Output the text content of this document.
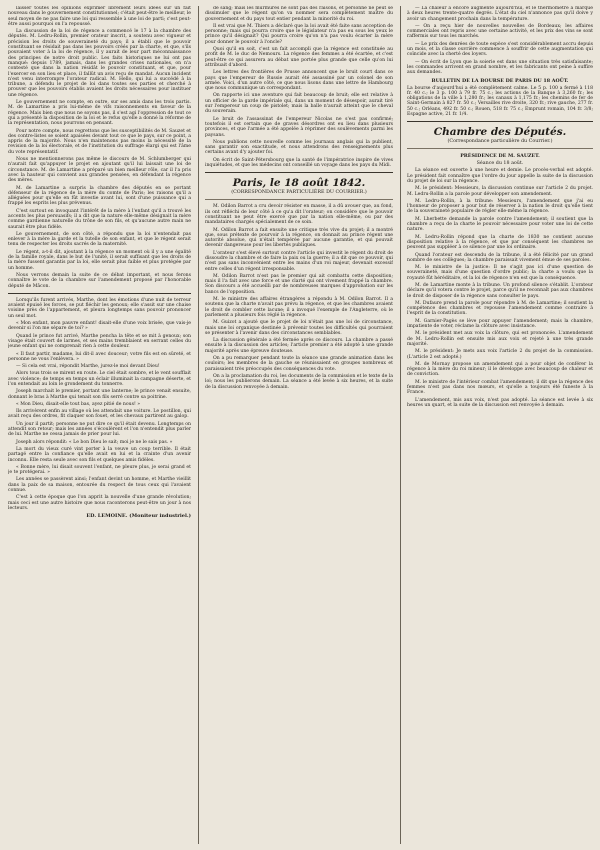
laisser toutes les opinions exprimer librement leurs idées sur un fait nouveau dans le gouvernement constitutionnel; c'était peut-être le meilleur, le seul moyen de ne pas faire une loi qui ressemble à une loi de parti; c'est peut-être aussi pourquoi on l'a repoussé.

La discussion de la loi de régence a commencé le 17 à la chambre des députés. M. Ledru-Rollin, premier orateur inscrit, a soutenu avec vigueur et précision les droits de souveraineté du pays; il a établi que le pouvoir constituant se résidait pas dans les pouvoirs créés par la charte, et que, s'ils pouvaient voter à la loi de régence, il y aurait de leur part méconnaissance des principes de notre droit public. Les faits historiques ne lui ont pas manqué: depuis 1789, jamais, dans les grandes crises nationales, on n'a contesté que dans la nation résidât le pouvoir constituant, et que, pour l'exercer en son lieu et place, il fallût un avis reçu de mandat. Aucun incident n'est venu interrompre l'orateur radical. M. Hello, qui lui a succédé à la tribune, a défendu le projet de loi dans toutes ses parties et cherché à prouver que les pouvoirs établis avaient les droits nécessaires pour instituer une régence.

Le gouvernement ne compte, en outre, sur ses amis dans les trois partis. M. de Lamartine a pris lui-même de vifs raisonnements en faveur de la régence. Mais bien que nous ne soyons pas, il s'est agi l'oppression de tout ce qui a présenté la disposition de la loi et le refus qu'elle a donné la réforme de la représentation, nous pourrons en pensant.

Pour notre compte, nous regrettons que les susceptibilités de M. Sauzet et des contre-listes se soient apaisées devant tout ce que le pays, sur ce point, a appris de la majorité. Nous n'en maintenons pas moins la nécessité de la revision de la loi électorale, et de l'institution du suffrage élargi qui est l'âme du vote représentatif.

Nous ne mentionnerons pas même le discours de M. Schlumberger qui n'aurait fait qu'appuyer le projet en ajoutant qu'il lui laissait une loi de circonstance. M. de Lamartine a préparé un bien meilleur rôle, car il l'a pris avec la hauteur qui convient aux grandes pensées, en défendant la régence des mères.

M. de Lamartine a surpris la chambre des députés en se portant défenseur de la régence de la mère du comte de Paris; les raisons qu'il a alléguées pour qu'elle en fût investie avant lui, sont d'une puissance qui a frappé les esprits les plus prévenus.

C'est surtout en invoquant l'intérêt de la mère à l'enfant qu'il a trouvé les accents les plus persuasifs; il a dit que la nature elle-même désignait la mère comme gardienne naturelle du trône de son fils, et qu'aucune autre main ne saurait être plus fidèle.

Le gouvernement, de son côté, a répondu que la loi n'entendait pas enlever à la mère la garde et la tutelle de son enfant, et que le régent serait tenu de respecter les droits sacrés de la maternité.

Le régent, a-t-il dit, ajoutant à la régence un moment où il y a une égalité de la famille royale, dans le but de l'unité, il serait suffisant que les droits de la mère fussent garantis par la loi, elle serait plus faible et plus protégée par un homme.

Nous verrons demain la suite de ce débat important, et nous ferons connaître le vote de la chambre sur l'amendement proposé par l'honorable député de Mâcon.

Lorsqu'ils furent arrivés, Marthe, dont les émotions d'une nuit de terreur avaient épuisé les forces, se put fléchir les genoux; elle s'assit sur une chaise voisine près de l'appartement, et pleura longtemps sans pouvoir prononcer un seul mot.

« Mon enfant, mon pauvre enfant! disait-elle d'une voix brisée, que vais-je devenir si l'on me sépare de toi? »

Quand le prince fut arrivé, Marthe pencha la tête et se mit à genoux; son visage était couvert de larmes, et ses mains tremblaient en serrant celles du jeune enfant qui ne comprenait rien à cette douleur.

« Il faut partir, madame, lui dit-il avec douceur; votre fils est en sûreté, et personne ne vous l'enlèvera. »

— Si cela est vrai, répondit Marthe, jurez-le moi devant Dieu!

Alors tous trois se mirent en route. Le ciel était sombre, et le vent soufflait avec violence; de temps en temps un éclair illuminait la campagne déserte, et l'on entendait au loin le grondement du tonnerre.

Joseph marchait le premier, portant une lanterne; le prince venait ensuite, donnant le bras à Marthe qui tenait son fils serré contre sa poitrine.

« Mon Dieu, disait-elle tout bas, ayez pitié de nous! »

Ils arrivèrent enfin au village où les attendait une voiture. Le postillon, qui avait reçu des ordres, fit claquer son fouet, et les chevaux partirent au galop.

Un jour il partit; personne ne put dire ce qu'il était devenu. Longtemps on attendit son retour; mais les années s'écoulèrent et l'on n'entendit plus parler de lui. Marthe ne cessa jamais de prier pour lui.

Joseph alors répondit: « Le bon Dieu le sait; moi je ne le sais pas. »

La mort du vieux curé vint porter à la veuve un coup terrible. Il était partagé entre la confiance qu'elle avait en lui et la crainte d'un avenir inconnu. Elle resta seule avec son fils et quelques amis fidèles.

« Bonne mère, lui disait souvent l'enfant, ne pleure plus, je serai grand et je te protégerai. »

Les années se passèrent ainsi; l'enfant devint un homme, et Marthe vieillit dans la paix de sa maison, entourée du respect de tous ceux qui l'avaient connue.

C'est à cette époque que l'on apprit la nouvelle d'une grande révolution; mais ceci est une autre histoire que nous raconterons peut-être un jour à nos lecteurs.

ED. LEMOINE. (Moniteur industriel.)

de sang; mais les murmures ne sont pas des raisons, et personne ne peut se dissimuler que le régent qu'on va nommer sera complètement maître du gouvernement et du pays tout entier pendant la minorité du roi.

Il est vrai que M. Thiers a déclaré que la loi avait été faite sans acception de personne; mais qui pourra croire que le législateur n'a pas eu sous les yeux le prince qu'il désignait? Qui pourra croire qu'on n'a pas voulu écarter la mère pour donner le pouvoir à l'oncle?

Quoi qu'il en soit, c'est un fait accompli que la régence est constituée au profit de M. le duc de Nemours. La régence des femmes a été écartée, et c'est peut-être ce qui assurera au débat une portée plus grande que celle qu'on lui attribuait d'abord.

Les lettres des frontières de Prusse annoncent que le bruit court dans ce pays que l'empereur de Russie aurait été assassiné par un colonel de son armée. Voici, d'un autre côté, ce que nous lisons dans une lettre de Hambourg que nous communique un correspondant.

On rapporte ici une aventure qui fait beaucoup de bruit; elle est relative à un officier de la garde impériale qui, dans un moment de désespoir, aurait tiré sur l'empereur un coup de pistolet; mais la balle n'aurait atteint que le cheval du souverain.

Le bruit de l'assassinat de l'empereur Nicolas ne s'est pas confirmé; toutefois il est certain que de graves désordres ont eu lieu dans plusieurs provinces, et que l'armée a été appelée à réprimer des soulèvements parmi les paysans.

Nous publions cette nouvelle comme les journaux anglais qui la publient, sans garantir son exactitude, et nous attendrons des renseignements plus certains avant d'y ajouter foi.

On écrit de Saint-Pétersbourg que la santé de l'impératrice inspire de vives inquiétudes, et que les médecins ont conseillé un voyage dans les pays du Midi.

Paris, le 18 août 1842.
(CORRESPONDANCE PARTICULIÈRE DU COURRIER.)

M. Odilon Barrot a cru devoir résister en masse, il a dû avouer que, au fond, ils ont réfléchi de leur côté à ce qu'a dit l'orateur; on considère que le pouvoir constituant ne peut être exercé que par la nation elle-même, ou par des mandataires chargés spécialement de ce soin.

M. Odilon Barrot a fait ensuite une critique très vive du projet; il a montré que, sous prétexte de pourvoir à la régence, on donnait au prince régent une autorité absolue, qui n'était tempérée par aucune garantie, et qui pouvait devenir dangereuse pour les libertés publiques.

L'orateur s'est élevé surtout contre l'article qui investit le régent du droit de dissoudre la chambre et de faire la paix ou la guerre; il a dit que ce pouvoir, qui n'est pas sans inconvénient entre les mains d'un roi majeur, devenait excessif entre celles d'un régent irresponsable.

M. Odilon Barrot n'est pas le premier qui ait combattu cette disposition; mais il l'a fait avec une force et une clarté qui ont vivement frappé la chambre. Son discours a été accueilli par de nombreuses marques d'approbation sur les bancs de l'opposition.

M. le ministre des affaires étrangères a répondu à M. Odilon Barrot. Il a soutenu que la charte n'avait pas prévu la régence, et que les chambres avaient le droit de combler cette lacune; il a invoqué l'exemple de l'Angleterre, où le parlement a plusieurs fois réglé la régence.

M. Guizot a ajouté que le projet de loi n'était pas une loi de circonstance, mais une loi organique destinée à prévenir toutes les difficultés qui pourraient se présenter à l'avenir dans des circonstances semblables.

La discussion générale a été fermée après ce discours. La chambre a passé ensuite à la discussion des articles; l'article premier a été adopté à une grande majorité après une épreuve douteuse.

On a pu remarquer pendant toute la séance une grande animation dans les couloirs; les membres de la gauche se réunissaient en groupes nombreux et paraissaient très préoccupés des conséquences du vote.

On a la proclamation du roi, les documents de la commission et le texte de la loi; nous les publierons demain. La séance a été levée à six heures, et la suite de la discussion renvoyée à demain.

— La chaleur a encore augmenté aujourd'hui, et le thermomètre a marqué à deux heures trente-quatre degrés. L'état du ciel n'annonce pas qu'il doive y avoir un changement prochain dans la température.

— On a reçu hier de nouvelles nouvelles de Bordeaux; les affaires commerciales ont repris avec une certaine activité, et les prix des vins se sont raffermis sur tous les marchés.

— Le prix des denrées de toute espèce s'est considérablement accru depuis un mois, et la classe ouvrière commence à souffrir de cette augmentation qui coïncide avec la cherté des loyers.

— On écrit de Lyon que la soierie est dans une situation très satisfaisante; les commandes arrivent en grand nombre, et les fabricants ont peine à suffire aux demandes.

BULLETIN DE LA BOURSE DE PARIS DU 18 AOÛT.
La bourse d'aujourd'hui a été complètement calme. Le 5 p. 100 a fermé à 118 fr. 40 c.; le 3 p. 100 à 79 fr. 75 c.; les actions de la Banque à 3,260 fr.; les obligations de la ville à 1,280 fr.; les canaux à 1,175 fr.; les chemins de fer de Saint-Germain à 827 fr. 50 c.; Versailles rive droite, 320 fr.; rive gauche, 277 fr. 50 c.; Orléans, 492 fr. 50 c.; Rouen, 518 fr. 75 c.; Emprunt romain, 104 fr. 3/8; Espagne active, 21 fr. 1/4.
Chambre des Députés.
(Correspondance particulière du Courrier.)
PRÉSIDENCE DE M. SAUZET.
Séance du 18 août.

La séance est ouverte à une heure et demie. Le procès-verbal est adopté. Le président fait connaître que l'ordre du jour appelle la suite de la discussion du projet de loi sur la régence.

M. le président: Messieurs, la discussion continue sur l'article 2 du projet. M. Ledru-Rollin a la parole pour développer son amendement.

M. Ledru-Rollin, à la tribune: Messieurs, l'amendement que j'ai eu l'honneur de proposer a pour but de réserver à la nation le droit qu'elle tient de la souveraineté populaire de régler elle-même la régence.

M. Lherbette demande la parole contre l'amendement; il soutient que la chambre a reçu de la charte le pouvoir nécessaire pour voter une loi de cette nature.

M. Ledru-Rollin répond que la charte de 1830 ne contient aucune disposition relative à la régence, et que par conséquent les chambres ne peuvent pas suppléer à ce silence par une loi ordinaire.

Quand l'orateur est descendu de la tribune, il a été félicité par un grand nombre de ses collègues; la chambre paraissait vivement émue de ses paroles.

M. le ministre de la justice: Il ne s'agit pas ici d'une question de souveraineté, mais d'une question d'ordre public; la charte a voulu que la royauté fût héréditaire, et la loi de régence n'en est que la conséquence.

M. de Lamartine monte à la tribune. Un profond silence s'établit. L'orateur déclare qu'il votera contre le projet, parce qu'il ne reconnaît pas aux chambres le droit de disposer de la régence sans consulter le pays.

M. Dufaure prend la parole pour répondre à M. de Lamartine; il soutient la compétence des chambres et repousse l'amendement comme contraire à l'esprit de la constitution.

M. Garnier-Pagès se lève pour appuyer l'amendement; mais la chambre, impatiente de voter, réclame la clôture avec insistance.

M. le président met aux voix la clôture, qui est prononcée. L'amendement de M. Ledru-Rollin est ensuite mis aux voix et rejeté à une très grande majorité.

M. le président: Je mets aux voix l'article 2 du projet de la commission. (L'article 2 est adopté.)

M. de Mornay propose un amendement qui a pour objet de conférer la régence à la mère du roi mineur; il le développe avec beaucoup de chaleur et de conviction.

M. le ministre de l'intérieur combat l'amendement; il dit que la régence des femmes n'est pas dans nos mœurs, et qu'elle a toujours été funeste à la France.

L'amendement, mis aux voix, n'est pas adopté. La séance est levée à six heures un quart, et la suite de la discussion est renvoyée à demain.
